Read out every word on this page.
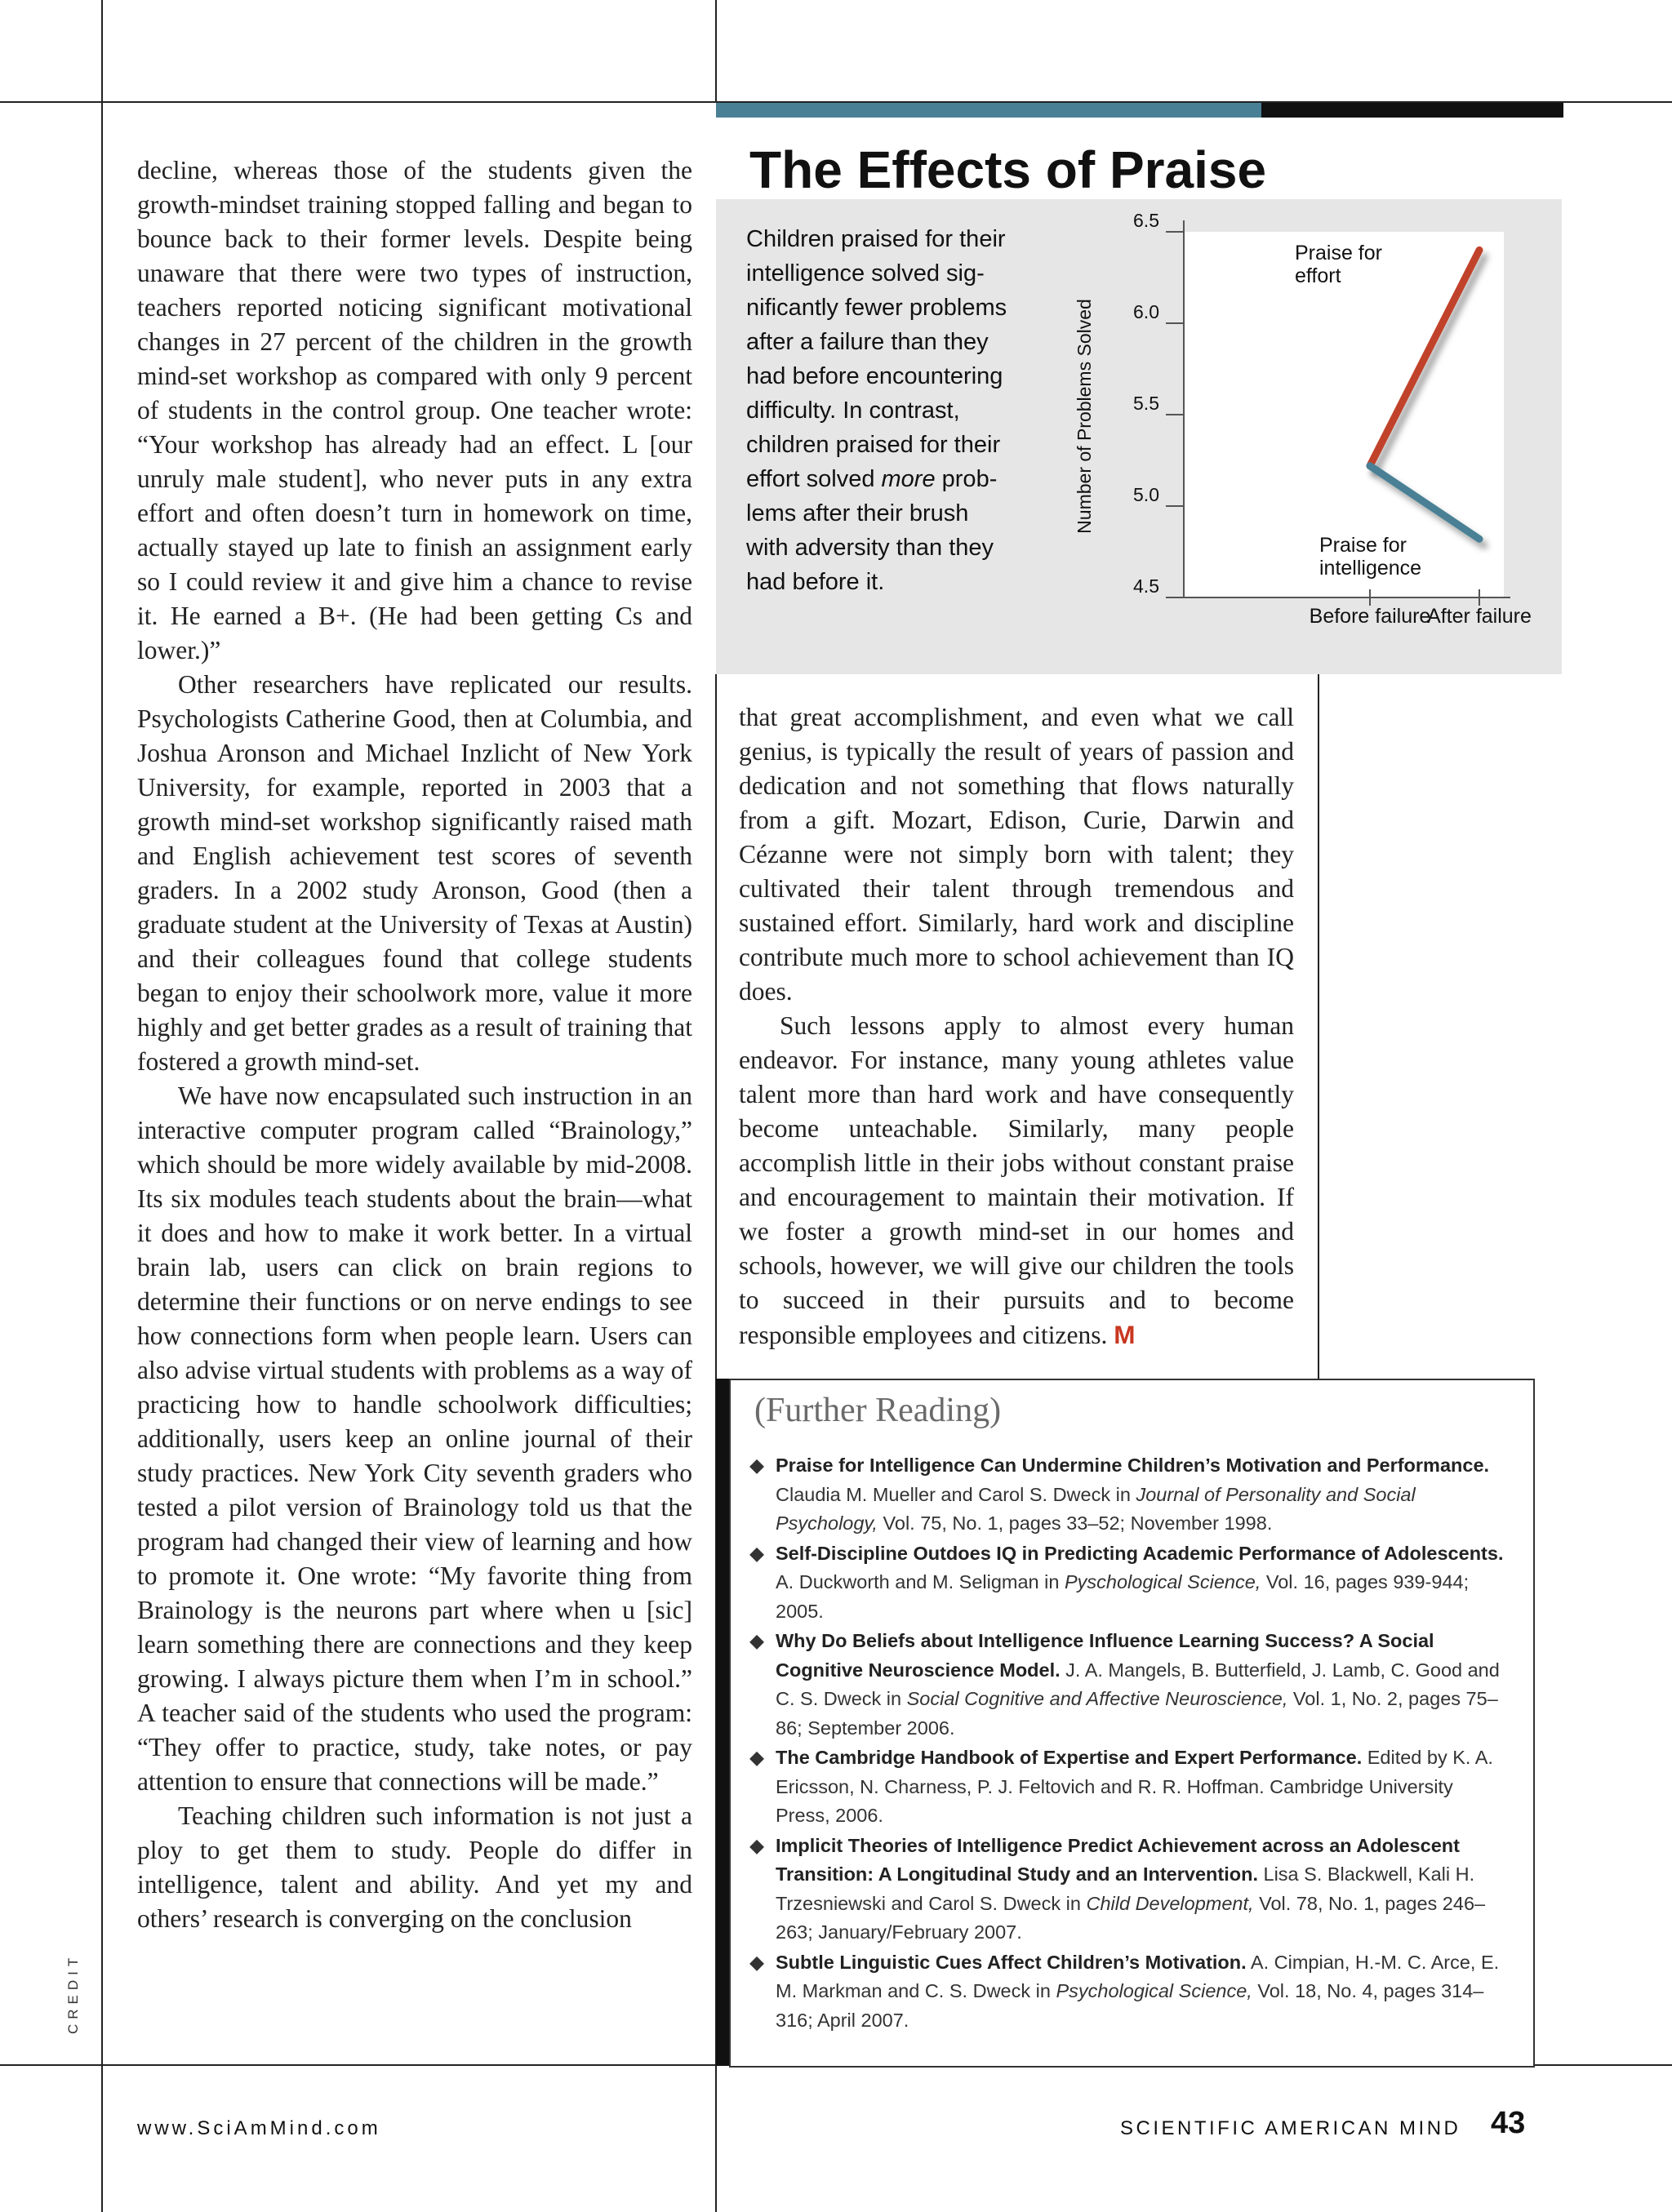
decline, whereas those of the students given the growth-mindset training stopped falling and began to bounce back to their former levels. Despite being unaware that there were two types of instruction, teachers reported noticing significant motivational changes in 27 percent of the children in the growth mind-set workshop as compared with only 9 percent of students in the control group. One teacher wrote: “Your workshop has already had an effect. L [our unruly male student], who never puts in any extra effort and often doesn’t turn in homework on time, actually stayed up late to finish an assignment early so I could review it and give him a chance to revise it. He earned a B+. (He had been getting Cs and lower.)”

Other researchers have replicated our results. Psychologists Catherine Good, then at Columbia, and Joshua Aronson and Michael Inzlicht of New York University, for example, reported in 2003 that a growth mind-set workshop significantly raised math and English achievement test scores of seventh graders. In a 2002 study Aronson, Good (then a graduate student at the University of Texas at Austin) and their colleagues found that college students began to enjoy their schoolwork more, value it more highly and get better grades as a result of training that fostered a growth mind-set.

We have now encapsulated such instruction in an interactive computer program called “Brainology,” which should be more widely available by mid-2008. Its six modules teach students about the brain—what it does and how to make it work better. In a virtual brain lab, users can click on brain regions to determine their functions or on nerve endings to see how connections form when people learn. Users can also advise virtual students with problems as a way of practicing how to handle schoolwork difficulties; additionally, users keep an online journal of their study practices. New York City seventh graders who tested a pilot version of Brainology told us that the program had changed their view of learning and how to promote it. One wrote: “My favorite thing from Brainology is the neurons part where when u [sic] learn something there are connections and they keep growing. I always picture them when I’m in school.” A teacher said of the students who used the program: “They offer to practice, study, take notes, or pay attention to ensure that connections will be made.”

Teaching children such information is not just a ploy to get them to study. People do differ in intelligence, talent and ability. And yet my and others’ research is converging on the conclusion

The Effects of Praise
Children praised for their
intelligence solved sig-
nificantly fewer problems
after a failure than they
had before encountering
difficulty. In contrast,
children praised for their
effort solved more prob-
lems after their brush
with adversity than they
had before it.
Number of Problems Solved
4.5
5.0
5.5
6.0
6.5
Before failure
After failure
Praise for
effort
Praise for
intelligence

that great accomplishment, and even what we call genius, is typically the result of years of passion and dedication and not something that flows naturally from a gift. Mozart, Edison, Curie, Darwin and Cézanne were not simply born with talent; they cultivated their talent through tremendous and sustained effort. Similarly, hard work and discipline contribute much more to school achievement than IQ does.

Such lessons apply to almost every human endeavor. For instance, many young athletes value talent more than hard work and have consequently become unteachable. Similarly, many people accomplish little in their jobs without constant praise and encouragement to maintain their motivation. If we foster a growth mind-set in our homes and schools, however, we will give our children the tools to succeed in their pursuits and to become responsible employees and citizens. M

(Further Reading)
◆ Praise for Intelligence Can Undermine Children’s Motivation and Performance. Claudia M. Mueller and Carol S. Dweck in Journal of Personality and Social Psychology, Vol. 75, No. 1, pages 33–52; November 1998.
◆ Self-Discipline Outdoes IQ in Predicting Academic Performance of Adolescents. A. Duckworth and M. Seligman in Pyschological Science, Vol. 16, pages 939-944; 2005.
◆ Why Do Beliefs about Intelligence Influence Learning Success? A Social Cognitive Neuroscience Model. J. A. Mangels, B. Butterfield, J. Lamb, C. Good and C. S. Dweck in Social Cognitive and Affective Neuroscience, Vol. 1, No. 2, pages 75–86; September 2006.
◆ The Cambridge Handbook of Expertise and Expert Performance. Edited by K. A. Ericsson, N. Charness, P. J. Feltovich and R. R. Hoffman. Cambridge University Press, 2006.
◆ Implicit Theories of Intelligence Predict Achievement across an Adolescent Transition: A Longitudinal Study and an Intervention. Lisa S. Blackwell, Kali H. Trzesniewski and Carol S. Dweck in Child Development, Vol. 78, No. 1, pages 246–263; January/February 2007.
◆ Subtle Linguistic Cues Affect Children’s Motivation. A. Cimpian, H.-M. C. Arce, E. M. Markman and C. S. Dweck in Psychological Science, Vol. 18, No. 4, pages 314–316; April 2007.
www.SciAmMind.com	SCIENTIFIC AMERICAN MIND 43
CREDIT
